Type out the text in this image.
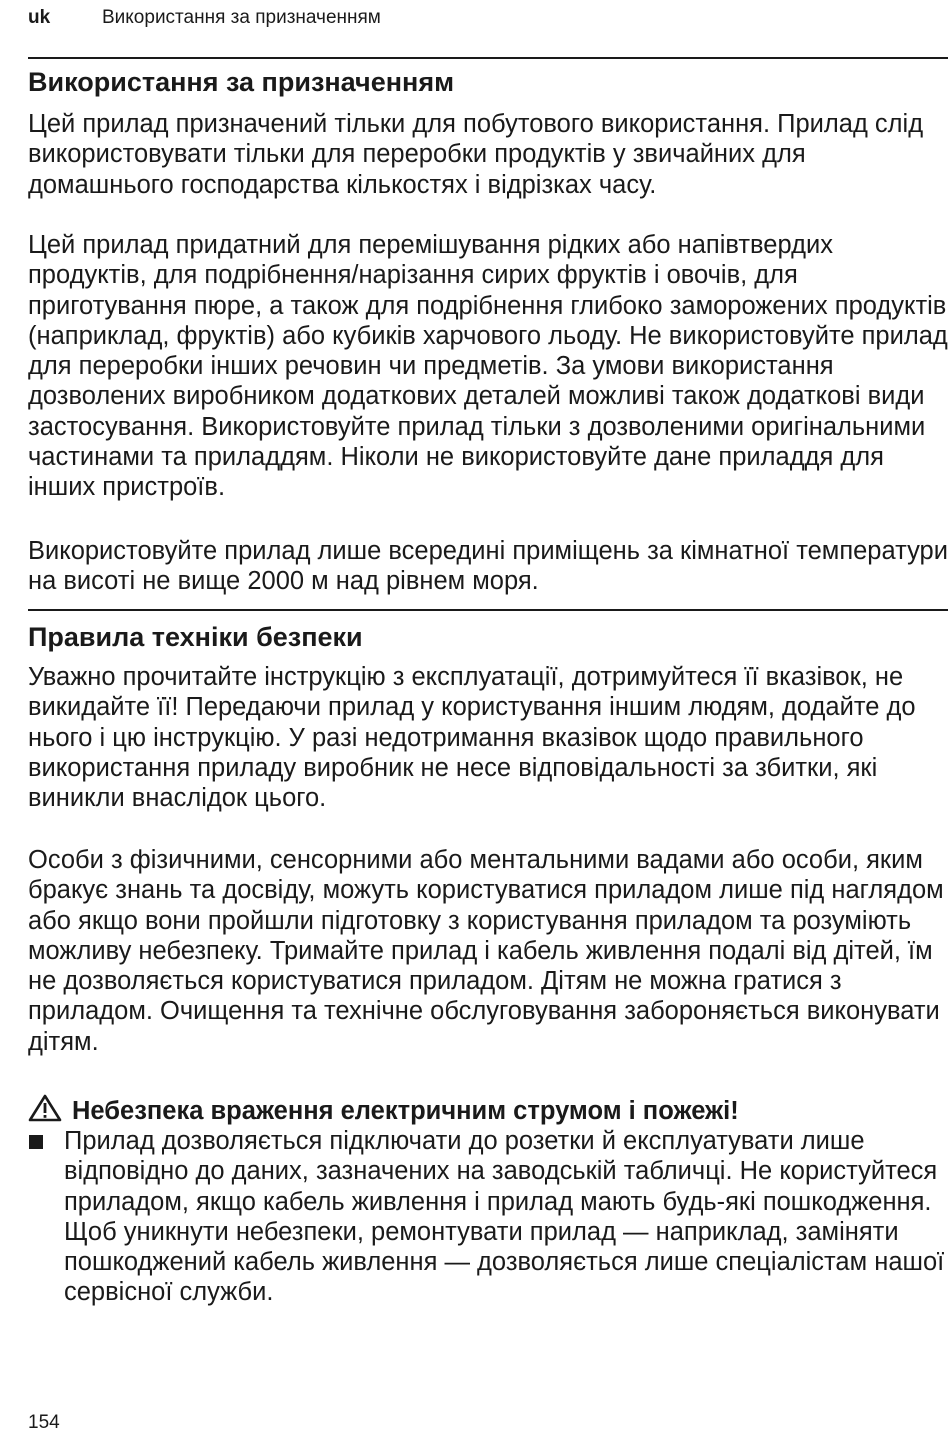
uk	Використання за призначенням
Використання за призначенням

Цей прилад призначений тільки для побутового використання. Прилад слід використовувати тільки для переробки продуктів у звичайних для домашнього господарства кількостях і відрізках часу.

Цей прилад придатний для перемішування рідких або напівтвердих продуктів, для подрібнення/нарізання сирих фруктів і овочів, для приготування пюре, а також для подрібнення глибоко заморожених продуктів (наприклад, фруктів) або кубиків харчового льоду. Не використовуйте прилад для переробки інших речовин чи предметів. За умови використання дозволених виробником додаткових деталей можливі також додаткові види застосування. Використовуйте прилад тільки з дозволеними оригінальними частинами та приладдям. Ніколи не використовуйте дане приладдя для інших пристроїв.

Використовуйте прилад лише всередині приміщень за кімнатної температури на висоті не вище 2000 м над рівнем моря.

Правила техніки безпеки

Уважно прочитайте інструкцію з експлуатації, дотримуйтеся її вказівок, не викидайте її! Передаючи прилад у користування іншим людям, додайте до нього і цю інструкцію. У разі недотримання вказівок щодо правильного використання приладу виробник не несе відповідальності за збитки, які виникли внаслідок цього.

Особи з фізичними, сенсорними або ментальними вадами або особи, яким бракує знань та досвіду, можуть користуватися приладом лише під наглядом або якщо вони пройшли підготовку з користування приладом та розуміють можливу небезпеку. Тримайте прилад і кабель живлення подалі від дітей, їм не дозволяється користуватися приладом. Дітям не можна гратися з приладом. Очищення та технічне обслуговування забороняється виконувати дітям.

Небезпека враження електричним струмом і пожежі!

Прилад дозволяється підключати до розетки й експлуатувати лише відповідно до даних, зазначених на заводській табличці. Не користуйтеся приладом, якщо кабель живлення і прилад мають будь-які пошкодження. Щоб уникнути небезпеки, ремонтувати прилад — наприклад, заміняти пошкоджений кабель живлення — дозволяється лише спеціалістам нашої сервісної служби.

154
